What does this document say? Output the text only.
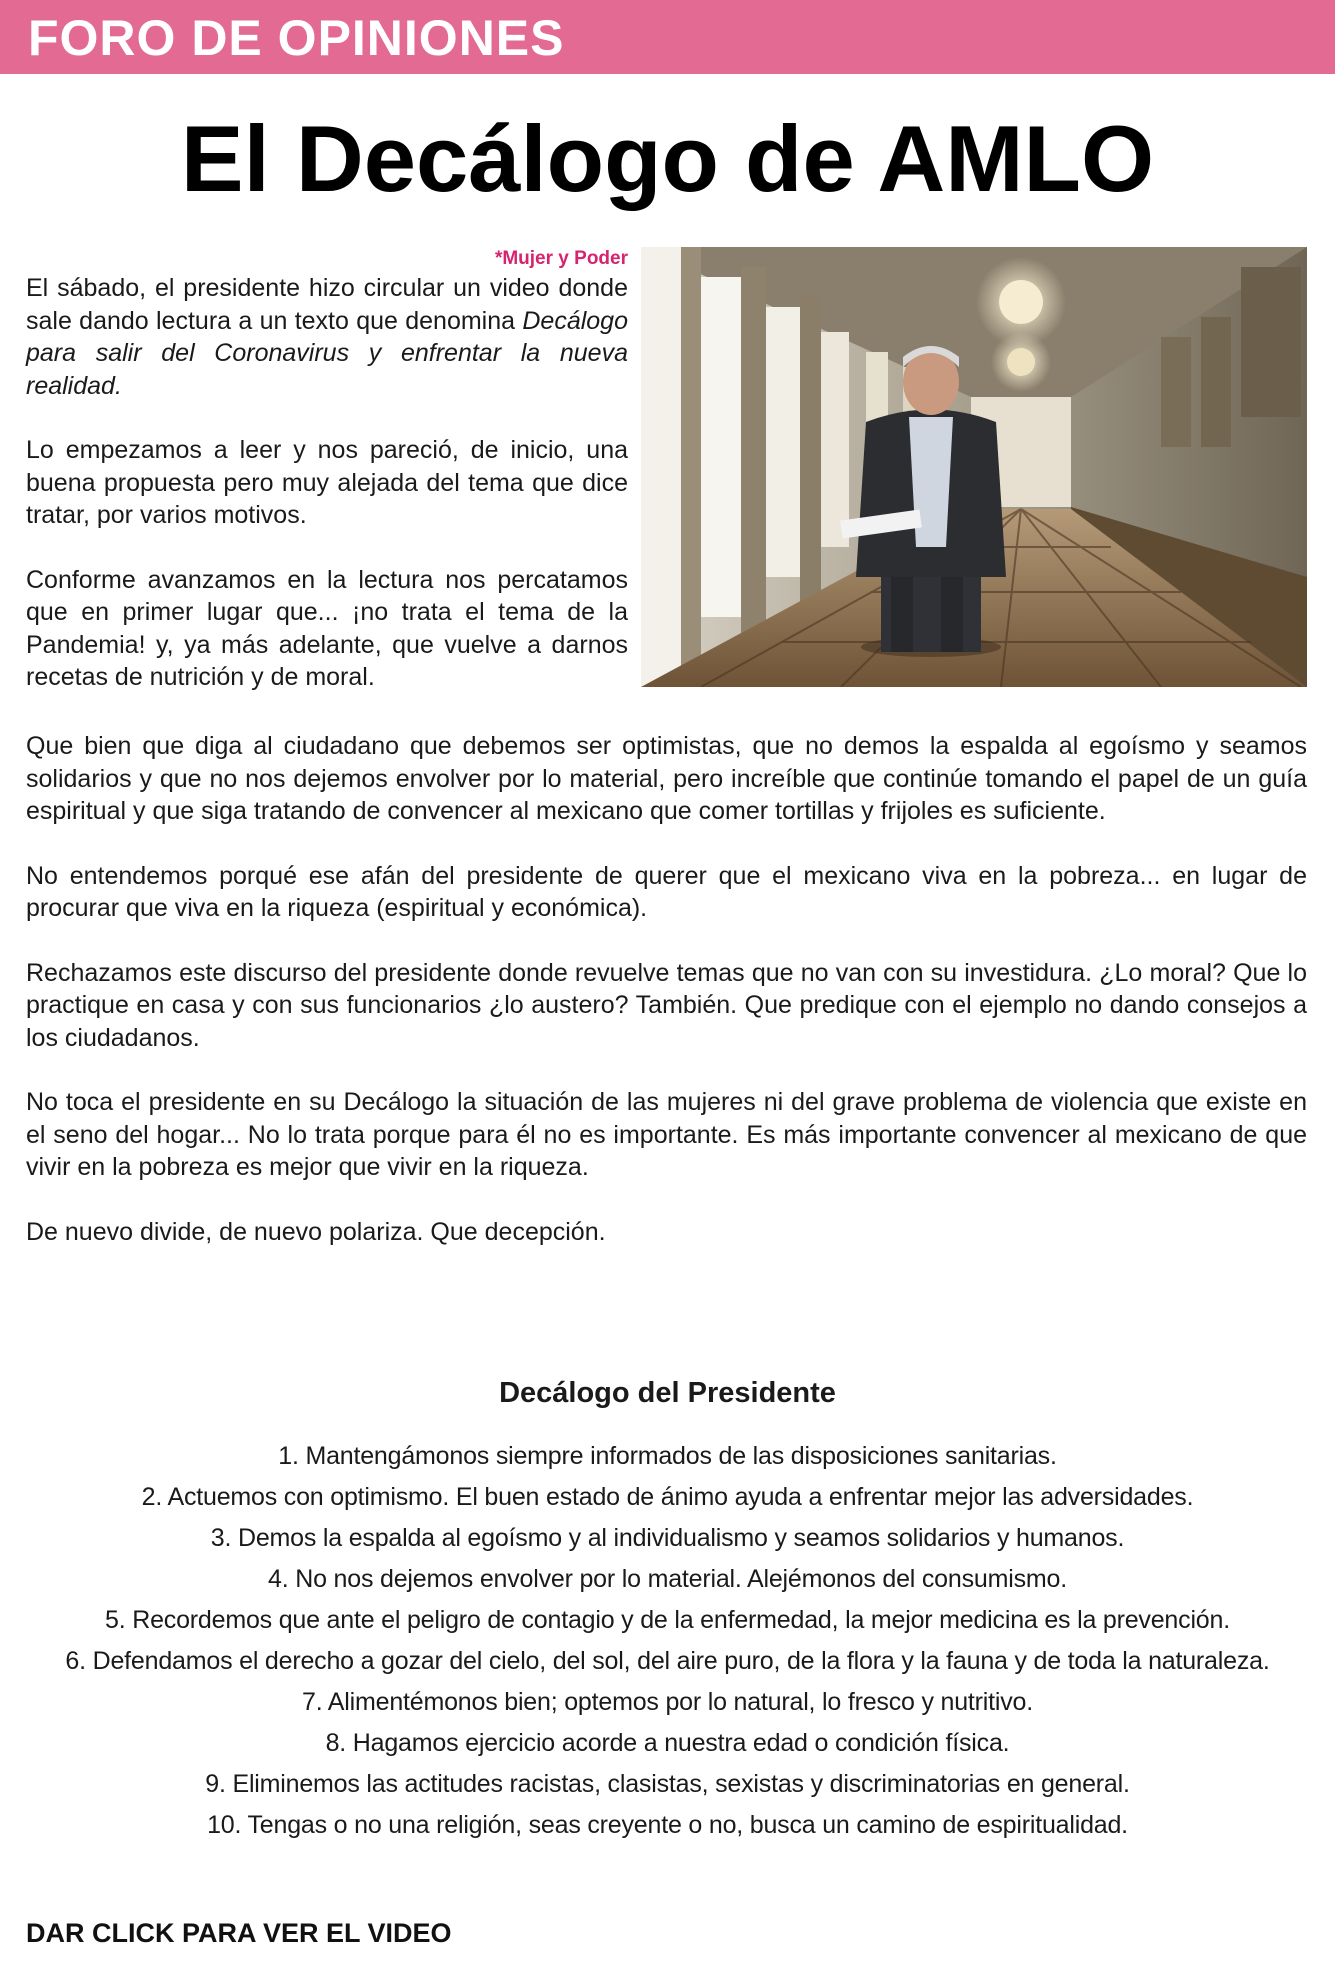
FORO DE OPINIONES
El Decálogo de AMLO
*Mujer y Poder

El sábado, el presidente hizo circular un video donde sale dando lectura a un texto que denomina Decálogo para salir del Coronavirus y enfrentar la nueva realidad.

Lo empezamos a leer y nos pareció, de inicio, una buena propuesta pero muy alejada del tema que dice tratar, por varios motivos.

Conforme avanzamos en la lectura nos percatamos que en primer lugar que... ¡no trata el tema de la Pandemia! y, ya más adelante, que vuelve a darnos recetas de nutrición y de moral.

Que bien que diga al ciudadano que debemos ser optimistas, que no demos la espalda al egoísmo y seamos solidarios y que no nos dejemos envolver por lo material, pero increíble que continúe tomando el papel de un guía espiritual y que siga tratando de convencer al mexicano que comer tortillas y frijoles es suficiente.

No entendemos porqué ese afán del presidente de querer que el mexicano viva en la pobreza... en lugar de procurar que viva en la riqueza (espiritual y económica).

Rechazamos este discurso del presidente donde revuelve temas que no van con su investidura. ¿Lo moral? Que lo practique en casa y con sus funcionarios ¿lo austero? También. Que predique con el ejemplo no dando consejos a los ciudadanos.

No toca el presidente en su Decálogo la situación de las mujeres ni del grave problema de violencia que existe en el seno del hogar... No lo trata porque para él no es importante. Es más importante convencer al mexicano de que vivir en la pobreza es mejor que vivir en la riqueza.

De nuevo divide, de nuevo polariza. Que decepción.

Decálogo del Presidente
1. Mantengámonos siempre informados de las disposiciones sanitarias.
2. Actuemos con optimismo. El buen estado de ánimo ayuda a enfrentar mejor las adversidades.
3. Demos la espalda al egoísmo y al individualismo y seamos solidarios y humanos.
4. No nos dejemos envolver por lo material. Alejémonos del consumismo.
5. Recordemos que ante el peligro de contagio y de la enfermedad, la mejor medicina es la prevención.
6. Defendamos el derecho a gozar del cielo, del sol, del aire puro, de la flora y la fauna y de toda la naturaleza.
7. Alimentémonos bien; optemos por lo natural, lo fresco y nutritivo.
8. Hagamos ejercicio acorde a nuestra edad o condición física.
9. Eliminemos las actitudes racistas, clasistas, sexistas y discriminatorias en general.
10. Tengas o no una religión, seas creyente o no, busca un camino de espiritualidad.
DAR CLICK PARA VER EL VIDEO
